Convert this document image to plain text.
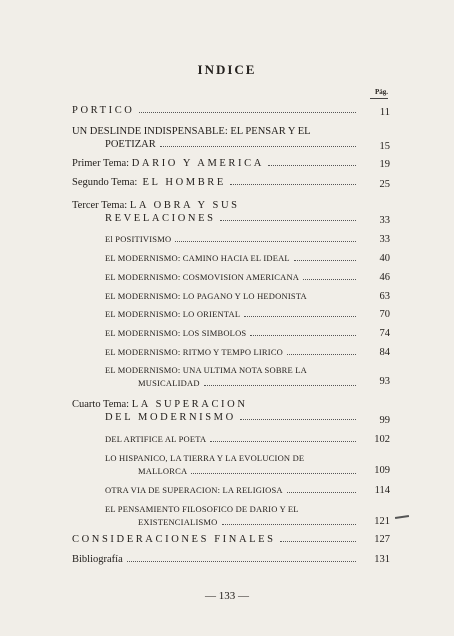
INDICE
Pág.
PORTICO	11
UN DESLINDE INDISPENSABLE: EL PENSAR Y EL
POETIZAR	15
Primer Tema:
DARIO Y AMERICA	19
Segundo Tema:
EL HOMBRE	25
Tercer Tema: LA OBRA Y SUS
REVELACIONES	33
El POSITIVISMO	33
EL MODERNISMO: CAMINO HACIA EL IDEAL	40
EL MODERNISMO: COSMOVISION AMERICANA	46
EL MODERNISMO: LO PAGANO Y LO HEDONISTA	63
EL MODERNISMO: LO ORIENTAL	70
EL MODERNISMO: LOS SIMBOLOS	74
EL MODERNISMO: RITMO Y TEMPO LIRICO	84
EL MODERNISMO: UNA ULTIMA NOTA SOBRE LA
MUSICALIDAD	93
Cuarto Tema: LA SUPERACION
DEL MODERNISMO	99
DEL ARTIFICE AL POETA	102
LO HISPANICO, LA TIERRA Y LA EVOLUCION DE
MALLORCA	109
OTRA VIA DE SUPERACION: LA RELIGIOSA	114
EL PENSAMIENTO FILOSOFICO DE DARIO Y EL
EXISTENCIALISMO	121
CONSIDERACIONES FINALES	127
Bibliografía	131
— 133 —
